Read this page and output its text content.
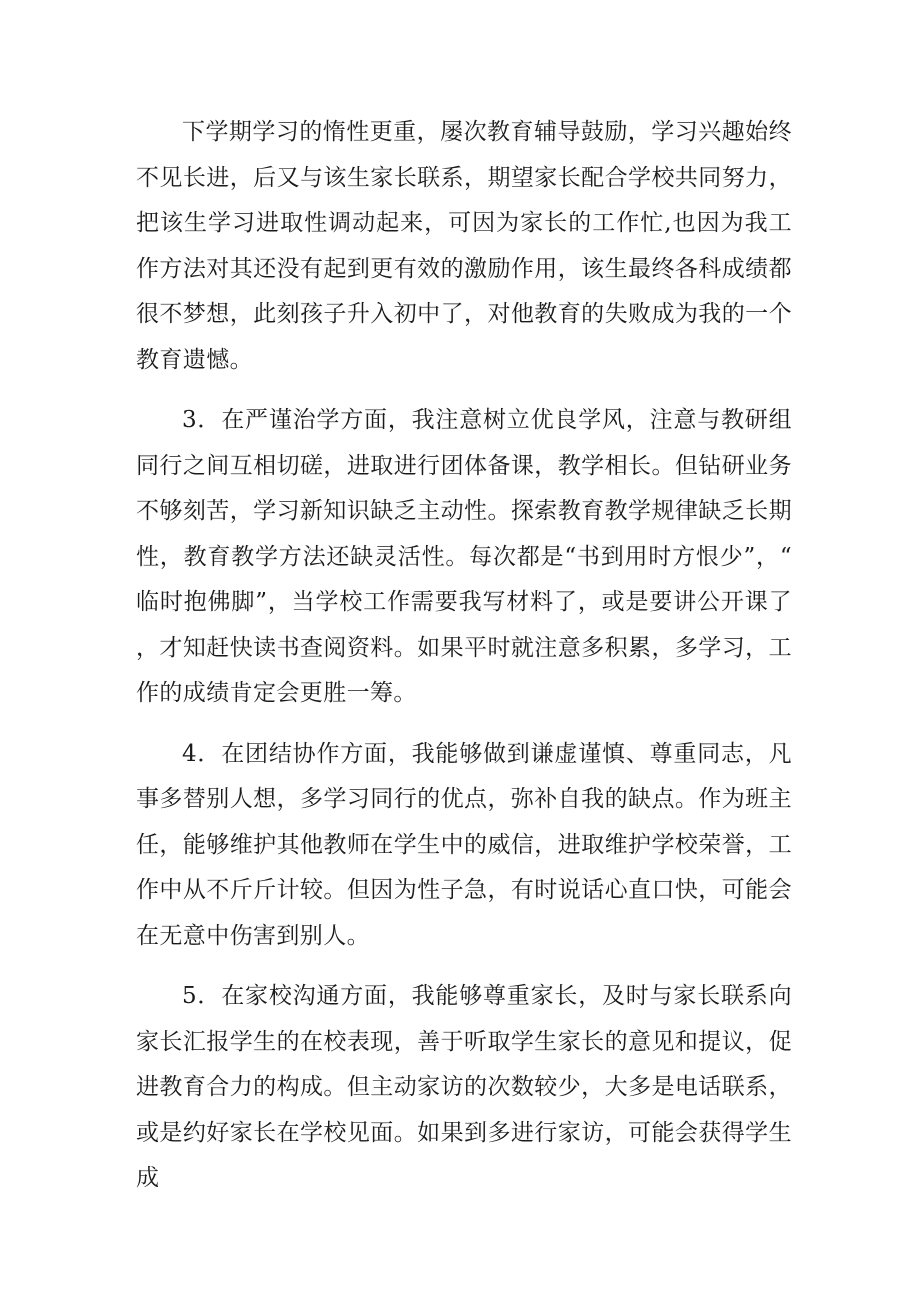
下学期学习的惰性更重，屡次教育辅导鼓励，学习兴趣始终不见长进，后又与该生家长联系，期望家长配合学校共同努力，把该生学习进取性调动起来，可因为家长的工作忙,也因为我工作方法对其还没有起到更有效的激励作用，该生最终各科成绩都很不梦想，此刻孩子升入初中了，对他教育的失败成为我的一个教育遗憾。

3．在严谨治学方面，我注意树立优良学风，注意与教研组同行之间互相切磋，进取进行团体备课，教学相长。但钻研业务不够刻苦，学习新知识缺乏主动性。探索教育教学规律缺乏长期性，教育教学方法还缺灵活性。每次都是“书到用时方恨少”，“临时抱佛脚”，当学校工作需要我写材料了，或是要讲公开课了，才知赶快读书查阅资料。如果平时就注意多积累，多学习，工作的成绩肯定会更胜一筹。

4．在团结协作方面，我能够做到谦虚谨慎、尊重同志，凡事多替别人想，多学习同行的优点，弥补自我的缺点。作为班主任，能够维护其他教师在学生中的威信，进取维护学校荣誉，工作中从不斤斤计较。但因为性子急，有时说话心直口快，可能会在无意中伤害到别人。

5．在家校沟通方面，我能够尊重家长，及时与家长联系向家长汇报学生的在校表现，善于听取学生家长的意见和提议，促进教育合力的构成。但主动家访的次数较少，大多是电话联系，或是约好家长在学校见面。如果到多进行家访，可能会获得学生成
